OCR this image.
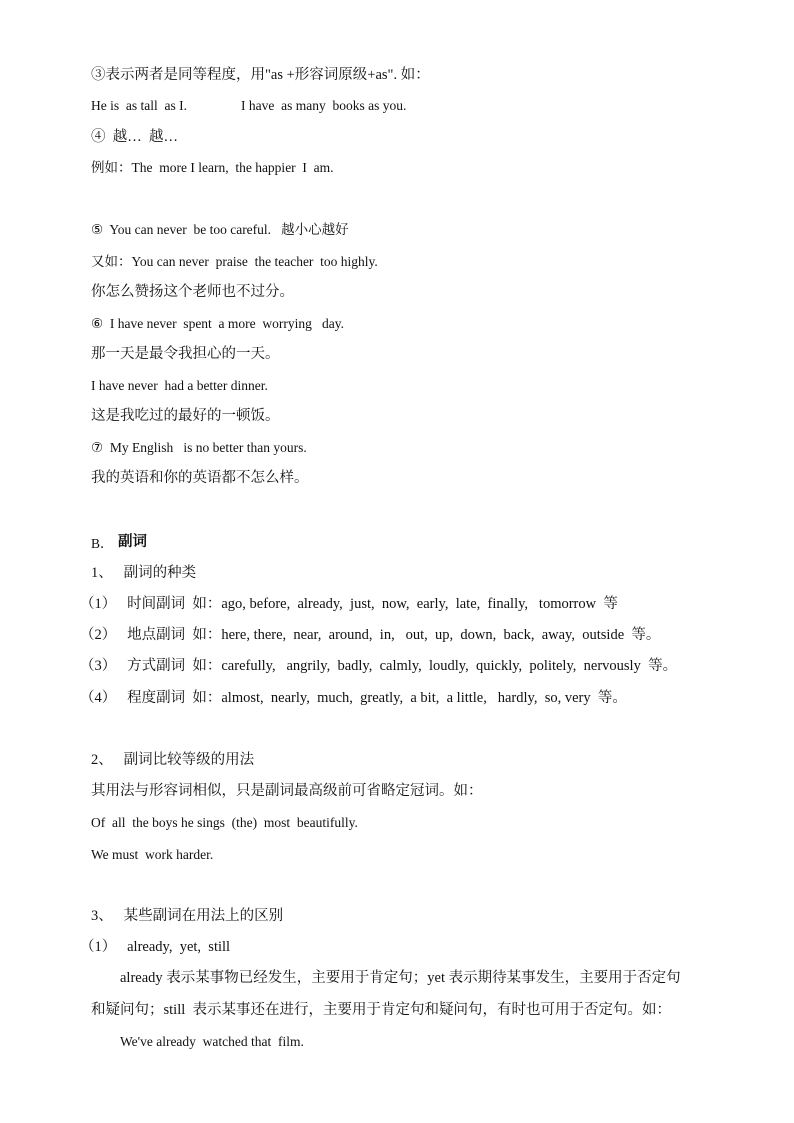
③表示两者是同等程度，用"as +形容词原级+as". 如：
He is  as tall  as I.                I have  as many  books as you.
④  越…  越…
例如：The  more I learn,  the happier  I  am.
⑤  You can never  be too careful.   越小心越好
又如：You can never  praise  the teacher  too highly.
你怎么赞扬这个老师也不过分。
⑥  I have never  spent  a more  worrying   day.
那一天是最令我担心的一天。
I have never  had a better dinner.
这是我吃过的最好的一顿饭。
⑦  My English   is no better than yours.
我的英语和你的英语都不怎么样。
B． 副词
1、   副词的种类
（1）   时间副词  如：ago, before,  already,  just,  now,  early,  late,  finally,   tomorrow  等
（2）   地点副词  如：here, there,  near,  around,  in,   out,  up,  down,  back,  away,  outside  等。
（3）   方式副词  如：carefully,   angrily,  badly,  calmly,  loudly,  quickly,  politely,  nervously  等。
（4）   程度副词  如：almost,  nearly,  much,  greatly,  a bit,  a little,   hardly,  so, very  等。
2、   副词比较等级的用法
其用法与形容词相似，只是副词最高级前可省略定冠词。如：
Of  all  the boys he sings  (the)  most  beautifully.
We must  work harder.
3、   某些副词在用法上的区别
（1）   already,  yet,  still
already 表示某事物已经发生，主要用于肯定句；yet 表示期待某事发生，主要用于否定句
和疑问句；still  表示某事还在进行，主要用于肯定句和疑问句，有时也可用于否定句。如：
We've already  watched that  film.
